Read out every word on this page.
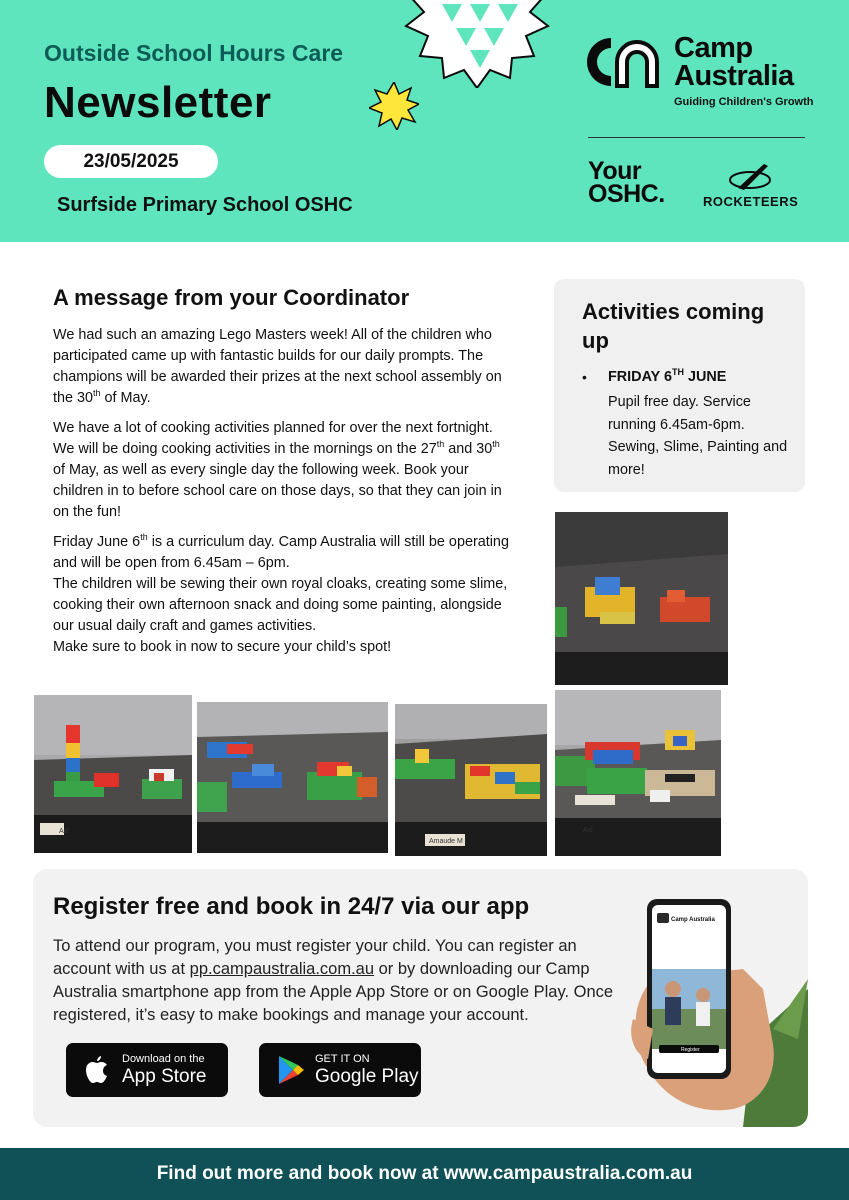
Outside School Hours Care
Newsletter
23/05/2025
Surfside Primary School OSHC
Camp
Australia
Guiding Children's Growth
Your
OSHC.	ROCKETEERS
A message from your Coordinator

We had such an amazing Lego Masters week! All of the children who participated came up with fantastic builds for our daily prompts. The champions will be awarded their prizes at the next school assembly on the 30th of May.

We have a lot of cooking activities planned for over the next fortnight. We will be doing cooking activities in the mornings on the 27th and 30th of May, as well as every single day the following week. Book your children in to before school care on those days, so that they can join in on the fun!

Friday June 6th is a curriculum day. Camp Australia will still be operating and will be open from 6.45am – 6pm.
The children will be sewing their own royal cloaks, creating some slime, cooking their own afternoon snack and doing some painting, alongside our usual daily craft and games activities.
Make sure to book in now to secure your child’s spot!

Activities coming up
•	FRIDAY 6TH JUNE
Pupil free day. Service running 6.45am-6pm. Sewing, Slime, Painting and more!
Axl
Axl
Amaude M
Register free and book in 24/7 via our app
To attend our program, you must register your child. You can register an account with us at pp.campaustralia.com.au or by downloading our Camp Australia smartphone app from the Apple App Store or on Google Play. Once registered, it’s easy to make bookings and manage your account.
Download on the
App Store
GET IT ON
Google Play
Camp Australia
Register
Find out more and book now at www.campaustralia.com.au
